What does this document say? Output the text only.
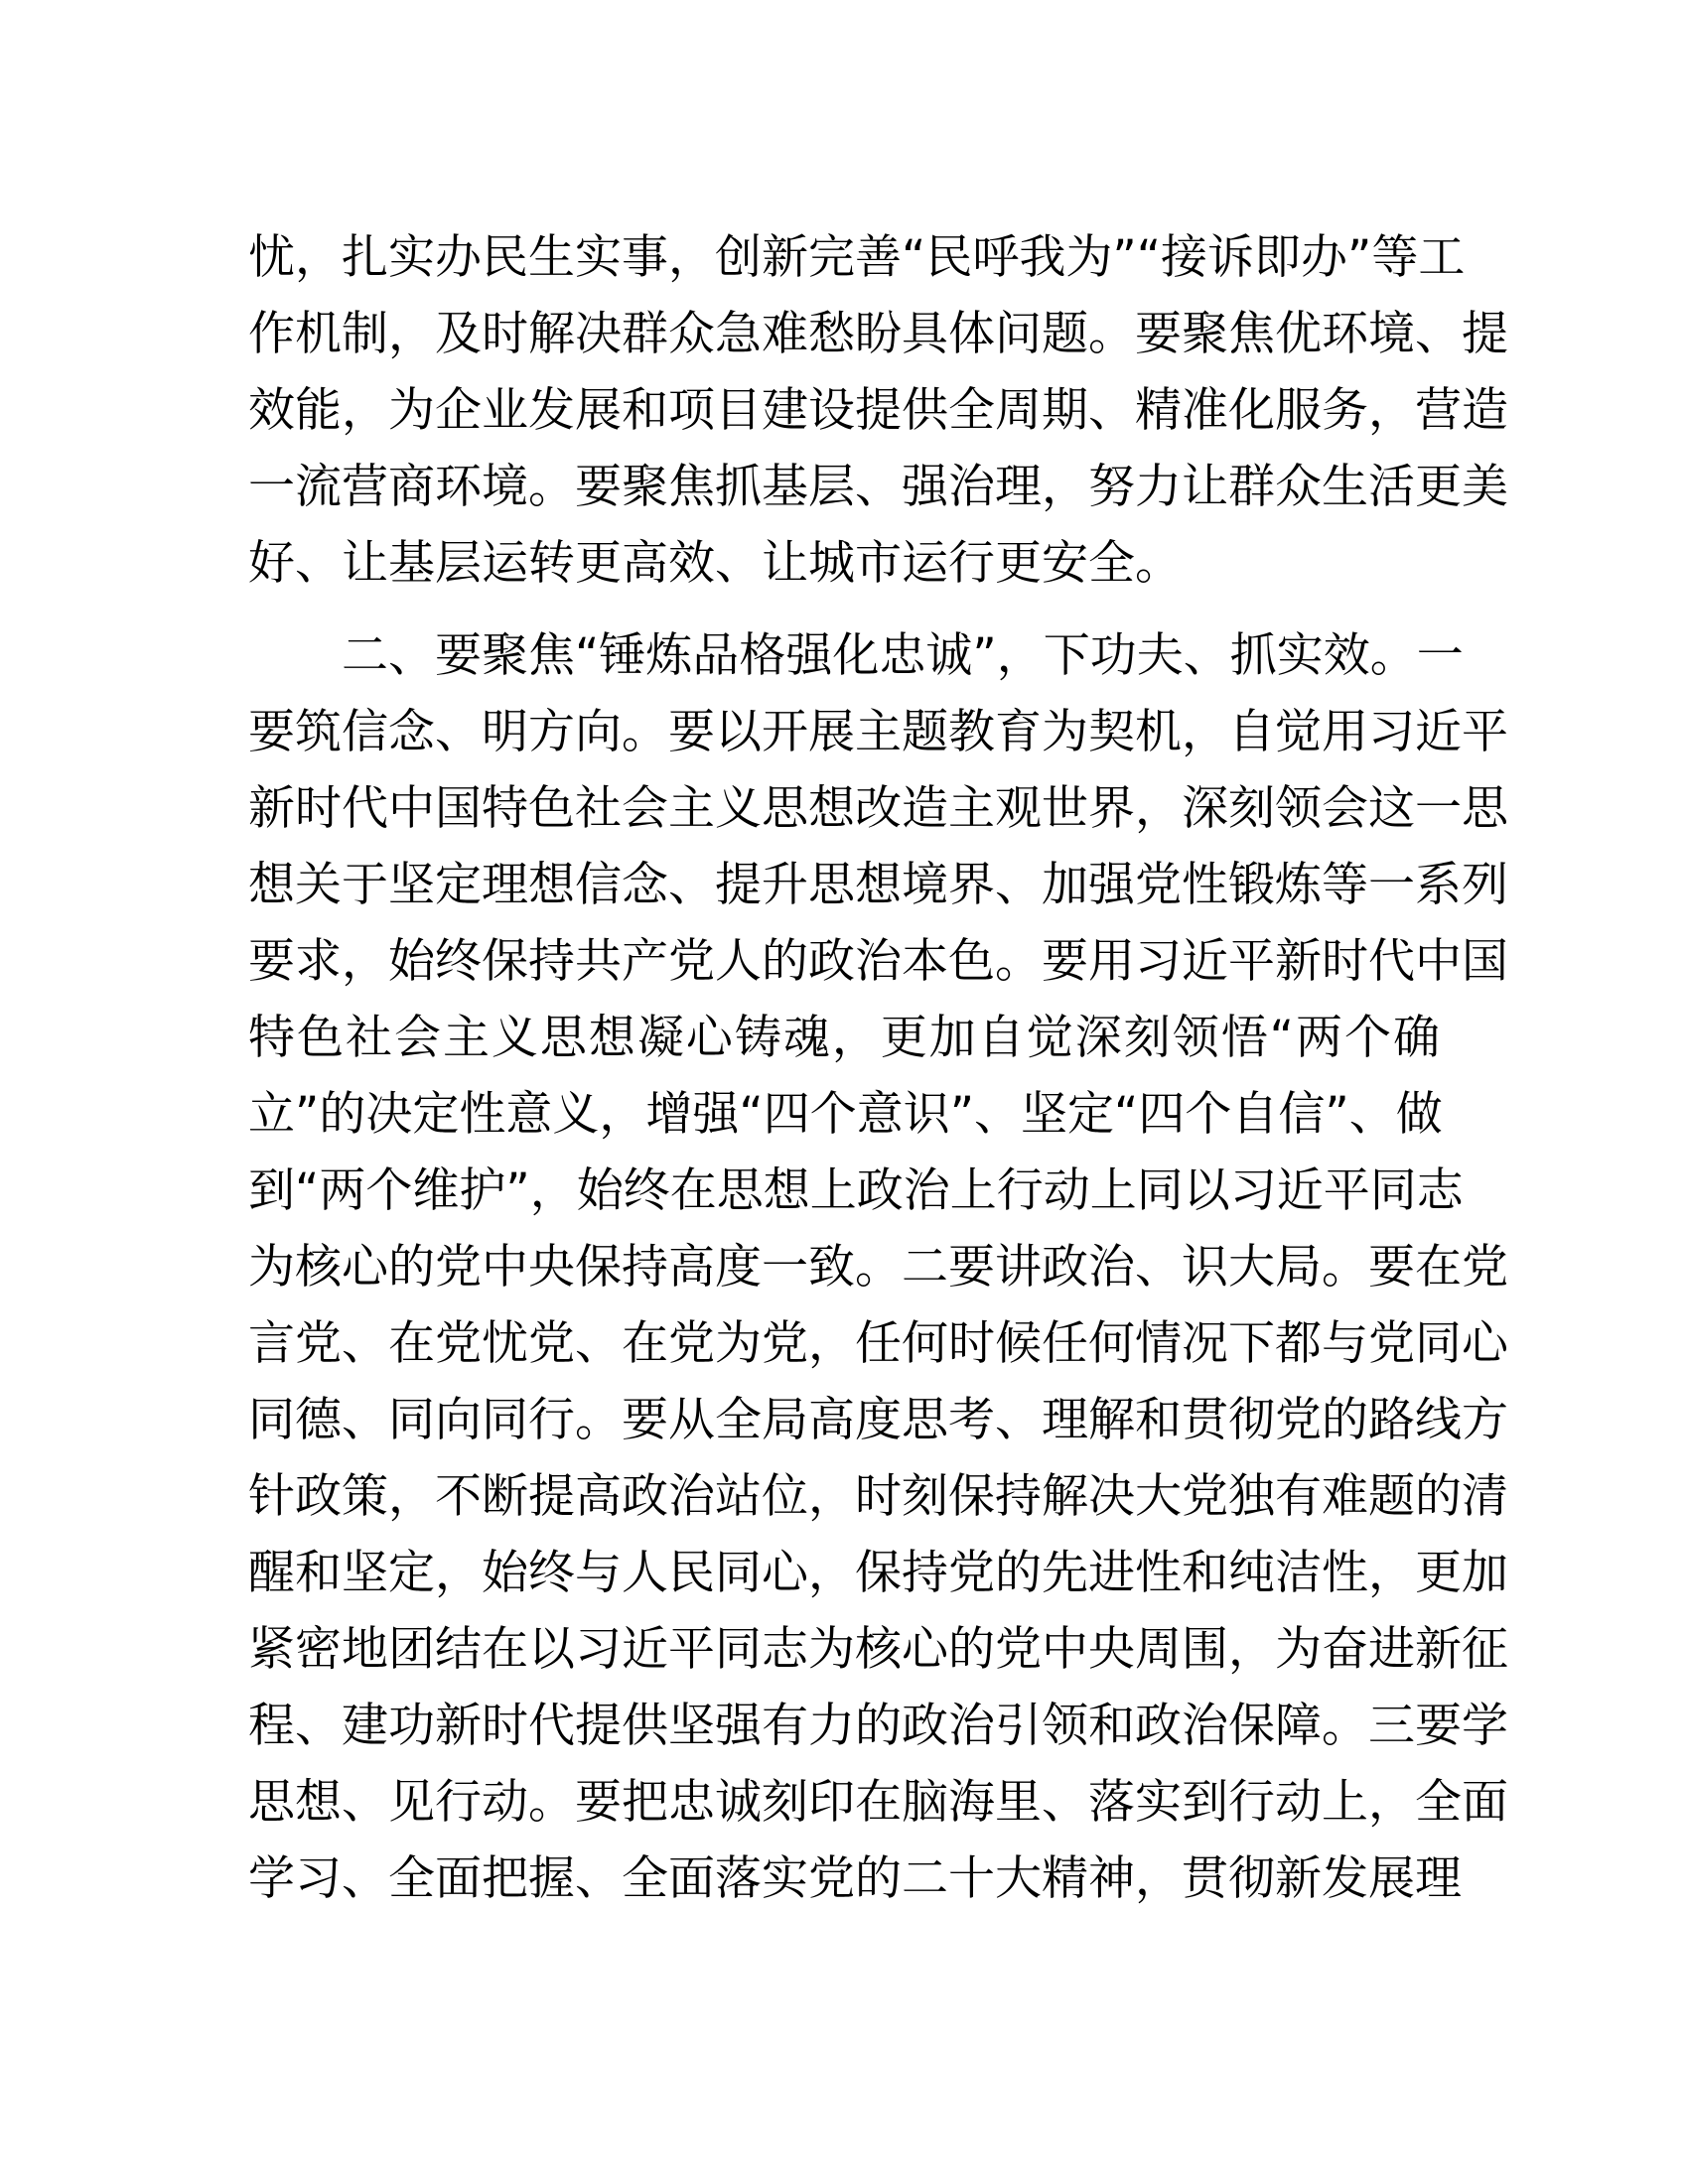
忧，扎实办民生实事，创新完善“民呼我为”“接诉即办”等工
作机制，及时解决群众急难愁盼具体问题。要聚焦优环境、提
效能，为企业发展和项目建设提供全周期、精准化服务，营造
一流营商环境。要聚焦抓基层、强治理，努力让群众生活更美
好、让基层运转更高效、让城市运行更安全。
二、要聚焦“锤炼品格强化忠诚”，下功夫、抓实效。一
要筑信念、明方向。要以开展主题教育为契机，自觉用习近平
新时代中国特色社会主义思想改造主观世界，深刻领会这一思
想关于坚定理想信念、提升思想境界、加强党性锻炼等一系列
要求，始终保持共产党人的政治本色。要用习近平新时代中国
特色社会主义思想凝心铸魂，更加自觉深刻领悟“两个确
立”的决定性意义，增强“四个意识”、坚定“四个自信”、做
到“两个维护”，始终在思想上政治上行动上同以习近平同志
为核心的党中央保持高度一致。二要讲政治、识大局。要在党
言党、在党忧党、在党为党，任何时候任何情况下都与党同心
同德、同向同行。要从全局高度思考、理解和贯彻党的路线方
针政策，不断提高政治站位，时刻保持解决大党独有难题的清
醒和坚定，始终与人民同心，保持党的先进性和纯洁性，更加
紧密地团结在以习近平同志为核心的党中央周围，为奋进新征
程、建功新时代提供坚强有力的政治引领和政治保障。三要学
思想、见行动。要把忠诚刻印在脑海里、落实到行动上，全面
学习、全面把握、全面落实党的二十大精神，贯彻新发展理
